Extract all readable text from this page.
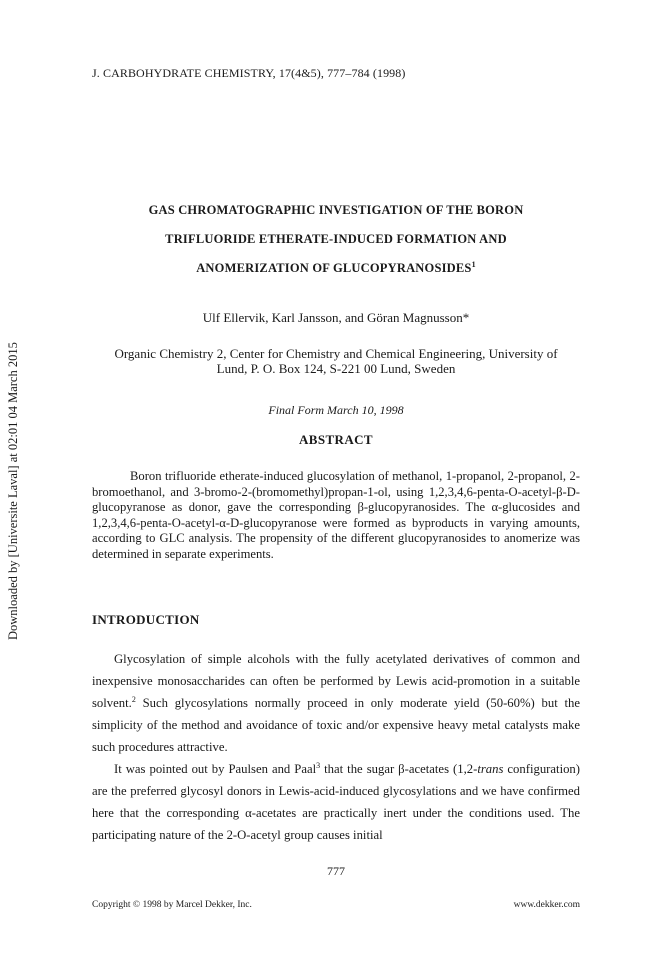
J. CARBOHYDRATE CHEMISTRY, 17(4&5), 777–784 (1998)
Downloaded by [Universite Laval] at 02:01 04 March 2015
GAS CHROMATOGRAPHIC INVESTIGATION OF THE BORON
TRIFLUORIDE ETHERATE-INDUCED FORMATION AND
ANOMERIZATION OF GLUCOPYRANOSIDES$^1$
Ulf Ellervik, Karl Jansson, and Göran Magnusson*
Organic Chemistry 2, Center for Chemistry and Chemical Engineering, University of
Lund, P. O. Box 124, S-221 00 Lund, Sweden
Final Form March 10, 1998
ABSTRACT

Boron trifluoride etherate-induced glucosylation of methanol, 1-propanol, 2-propanol, 2-bromoethanol, and 3-bromo-2-(bromomethyl)propan-1-ol, using 1,2,3,4,6-penta-O-acetyl-β-D-glucopyranose as donor, gave the corresponding β-glucopyranosides. The α-glucosides and 1,2,3,4,6-penta-O-acetyl-α-D-glucopyranose were formed as byproducts in varying amounts, according to GLC analysis. The propensity of the different glucopyranosides to anomerize was determined in separate experiments.

INTRODUCTION

Glycosylation of simple alcohols with the fully acetylated derivatives of common and inexpensive monosaccharides can often be performed by Lewis acid-promotion in a suitable solvent.$^2$ Such glycosylations normally proceed in only moderate yield (50-60%) but the simplicity of the method and avoidance of toxic and/or expensive heavy metal catalysts make such procedures attractive.

It was pointed out by Paulsen and Paal$^3$ that the sugar β-acetates (1,2-trans configuration) are the preferred glycosyl donors in Lewis-acid-induced glycosylations and we have confirmed here that the corresponding α-acetates are practically inert under the conditions used. The participating nature of the 2-O-acetyl group causes initial

777
Copyright © 1998 by Marcel Dekker, Inc.	www.dekker.com
